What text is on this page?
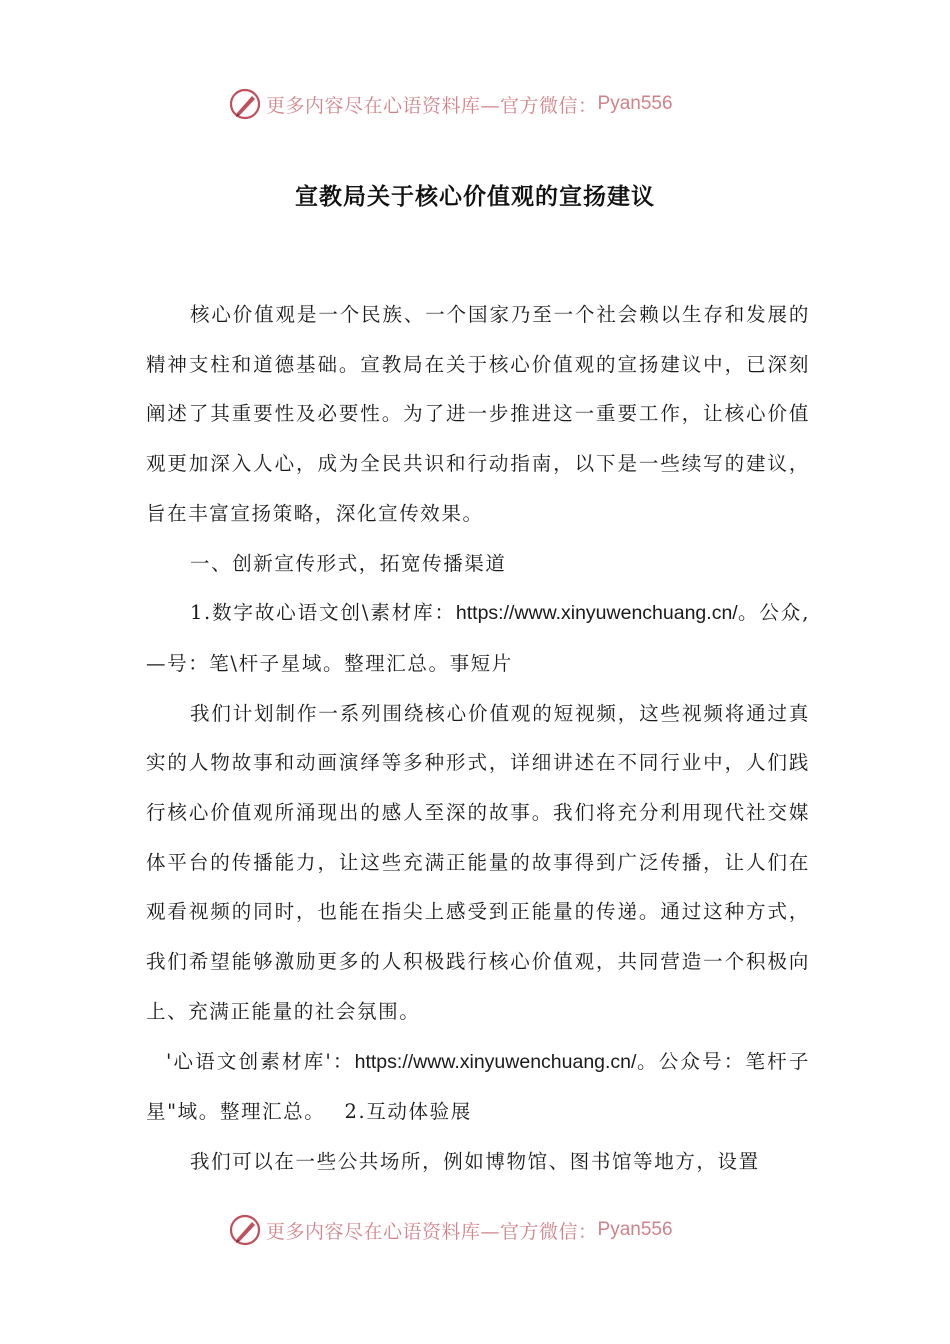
更多内容尽在心语资料库—官方微信： Pyan556
宣教局关于核心价值观的宣扬建议

核心价值观是一个民族、一个国家乃至一个社会赖以生存和发展的精神支柱和道德基础。宣教局在关于核心价值观的宣扬建议中，已深刻阐述了其重要性及必要性。为了进一步推进这一重要工作，让核心价值观更加深入人心，成为全民共识和行动指南，以下是一些续写的建议，旨在丰富宣扬策略，深化宣传效果。

一、创新宣传形式，拓宽传播渠道

1.数字故心语文创\素材库：https://www.xinyuwenchuang.cn/。公众,—号：笔\杆子星域。整理汇总。事短片

我们计划制作一系列围绕核心价值观的短视频，这些视频将通过真实的人物故事和动画演绎等多种形式，详细讲述在不同行业中，人们践行核心价值观所涌现出的感人至深的故事。我们将充分利用现代社交媒体平台的传播能力，让这些充满正能量的故事得到广泛传播，让人们在观看视频的同时，也能在指尖上感受到正能量的传递。通过这种方式，我们希望能够激励更多的人积极践行核心价值观，共同营造一个积极向上、充满正能量的社会氛围。

'心语文创素材库'：https://www.xinyuwenchuang.cn/。公众号：笔杆子星"域。整理汇总。　 2.互动体验展

我们可以在一些公共场所，例如博物馆、图书馆等地方，设置

更多内容尽在心语资料库—官方微信： Pyan556
